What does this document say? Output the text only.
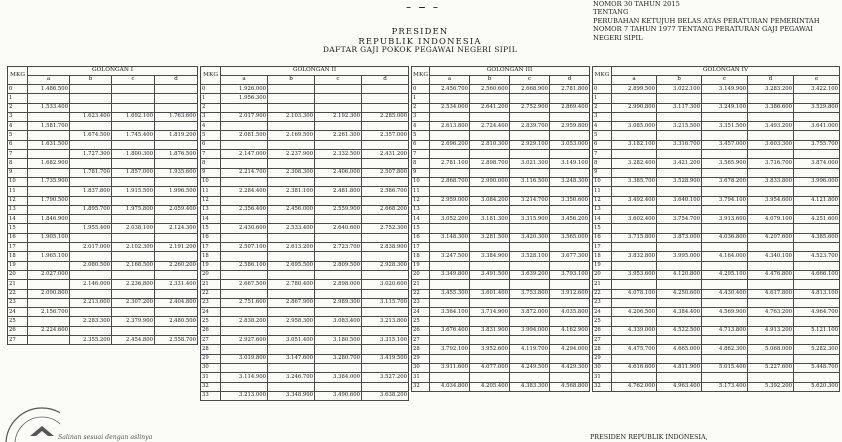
PRESIDEN
REPUBLIK INDONESIA
DAFTAR GAJI POKOK PEGAWAI NEGERI SIPIL
NOMOR 30 TAHUN 2015
TENTANG
PERUBAHAN KETUJUH BELAS ATAS PERATURAN PEMERINTAH
NOMOR 7 TAHUN 1977 TENTANG PERATURAN GAJI PEGAWAI
NEGERI SIPIL
MKG	GOLONGAN I			
	a	b	c	d
0	1.486.500			
1				
2	1.533.400			
3		1.623.400	1.692.100	1.763.600
4	1.581.700			
5		1.674.500	1.745.400	1.819.200
6	1.631.500			
7		1.727.300	1.800.300	1.876.500
8	1.682.900			
9		1.781.700	1.857.000	1.935.600
10	1.735.900			
11		1.837.800	1.915.500	1.996.500
12	1.790.500			
13		1.895.700	1.975.800	2.059.400
14	1.846.900			
15		1.955.400	2.038.100	2.124.300
16	1.905.100			
17		2.017.000	2.102.300	2.191.200
18	1.965.100			
19		2.080.500	2.168.500	2.260.200
20	2.027.000			
21		2.146.000	2.236.800	2.331.400
22	2.090.800			
23		2.213.600	2.307.200	2.404.800
24	2.156.700			
25		2.283.300	2.379.900	2.480.500
26	2.224.600			
27		2.355.200	2.454.800	2.558.700
MKG	GOLONGAN II			
	a	b	c	d
0	1.926.000			
1	1.956.300			
2				
3	2.017.900	2.103.300	2.192.300	2.285.000
4				
5	2.081.500	2.169.500	2.261.300	2.357.000
6				
7	2.147.000	2.237.900	2.332.500	2.431.200
8				
9	2.214.700	2.308.300	2.406.000	2.507.800
10				
11	2.284.400	2.381.100	2.481.800	2.586.700
12				
13	2.356.400	2.456.000	2.559.900	2.668.200
14				
15	2.430.600	2.533.400	2.640.600	2.752.300
16				
17	2.507.100	2.613.200	2.723.700	2.838.900
18				
19	2.586.100	2.695.500	2.809.500	2.928.300
20				
21	2.667.500	2.780.400	2.898.000	3.020.600
22				
23	2.751.600	2.867.900	2.989.300	3.115.700
24				
25	2.838.200	2.958.300	3.083.400	3.213.800
26				
27	2.927.600	3.051.400	3.180.500	3.315.100
28				
29	3.019.800	3.147.600	3.280.700	3.419.500
30				
31	3.114.900	3.246.700	3.384.000	3.527.200
32				
33	3.213.000	3.348.900	3.490.600	3.638.200
MKG	GOLONGAN III			
	a	b	c	d
0	2.456.700	2.560.600	2.668.900	2.781.800
1				
2	2.534.000	2.641.200	2.752.900	2.869.400
3				
4	2.613.800	2.724.400	2.839.700	2.959.800
5				
6	2.696.200	2.810.300	2.929.100	3.053.000
7				
8	2.781.100	2.898.700	3.021.300	3.149.100
9				
10	2.868.700	2.990.000	3.116.500	3.248.300
11				
12	2.959.000	3.084.200	3.214.700	3.350.600
13				
14	3.052.200	3.181.300	3.315.900	3.456.200
15				
16	3.148.300	3.281.500	3.420.300	3.565.000
17				
18	3.247.500	3.384.900	3.528.100	3.677.300
19				
20	3.349.800	3.491.500	3.639.200	3.793.100
21				
22	3.455.300	3.601.400	3.753.800	3.912.600
23				
24	3.564.100	3.714.900	3.872.000	4.035.800
25				
26	3.676.400	3.831.900	3.994.000	4.162.900
27				
28	3.792.100	3.952.600	4.119.700	4.294.000
29				
30	3.911.600	4.077.000	4.249.500	4.429.300
31				
32	4.034.800	4.205.400	4.383.300	4.568.800
MKG	GOLONGAN IV				
	a	b	c	d	e
0	2.899.500	3.022.100	3.149.900	3.283.200	3.422.100
1					
2	2.990.800	3.117.300	3.249.100	3.386.600	3.529.800
3					
4	3.085.000	3.215.500	3.351.500	3.493.200	3.641.000
5					
6	3.182.100	3.316.700	3.457.000	3.603.300	3.755.700
7					
8	3.282.400	3.421.200	3.565.900	3.716.700	3.874.000
9					
10	3.385.700	3.528.900	3.678.200	3.833.800	3.996.000
11					
12	3.492.400	3.640.100	3.794.100	3.954.600	4.121.800
13					
14	3.602.400	3.754.700	3.913.600	4.079.100	4.251.600
15					
16	3.715.800	3.873.000	4.036.800	4.207.600	4.385.600
17					
18	3.832.800	3.995.000	4.164.000	4.340.100	4.523.700
19					
20	3.953.600	4.120.800	4.295.100	4.476.800	4.666.100
21					
22	4.078.100	4.250.600	4.430.400	4.617.800	4.813.100
23					
24	4.206.500	4.384.400	4.569.900	4.763.200	4.964.700
25					
26	4.339.000	4.522.500	4.713.800	4.913.200	5.121.100
27					
28	4.475.700	4.665.000	4.862.300	5.068.000	5.282.300
29					
30	4.616.600	4.811.900	5.015.400	5.227.600	5.448.700
31					
32	4.762.000	4.963.400	5.173.400	5.392.200	5.620.300
Salinan sesuai dengan aslinya	PRESIDEN REPUBLIK INDONESIA,
